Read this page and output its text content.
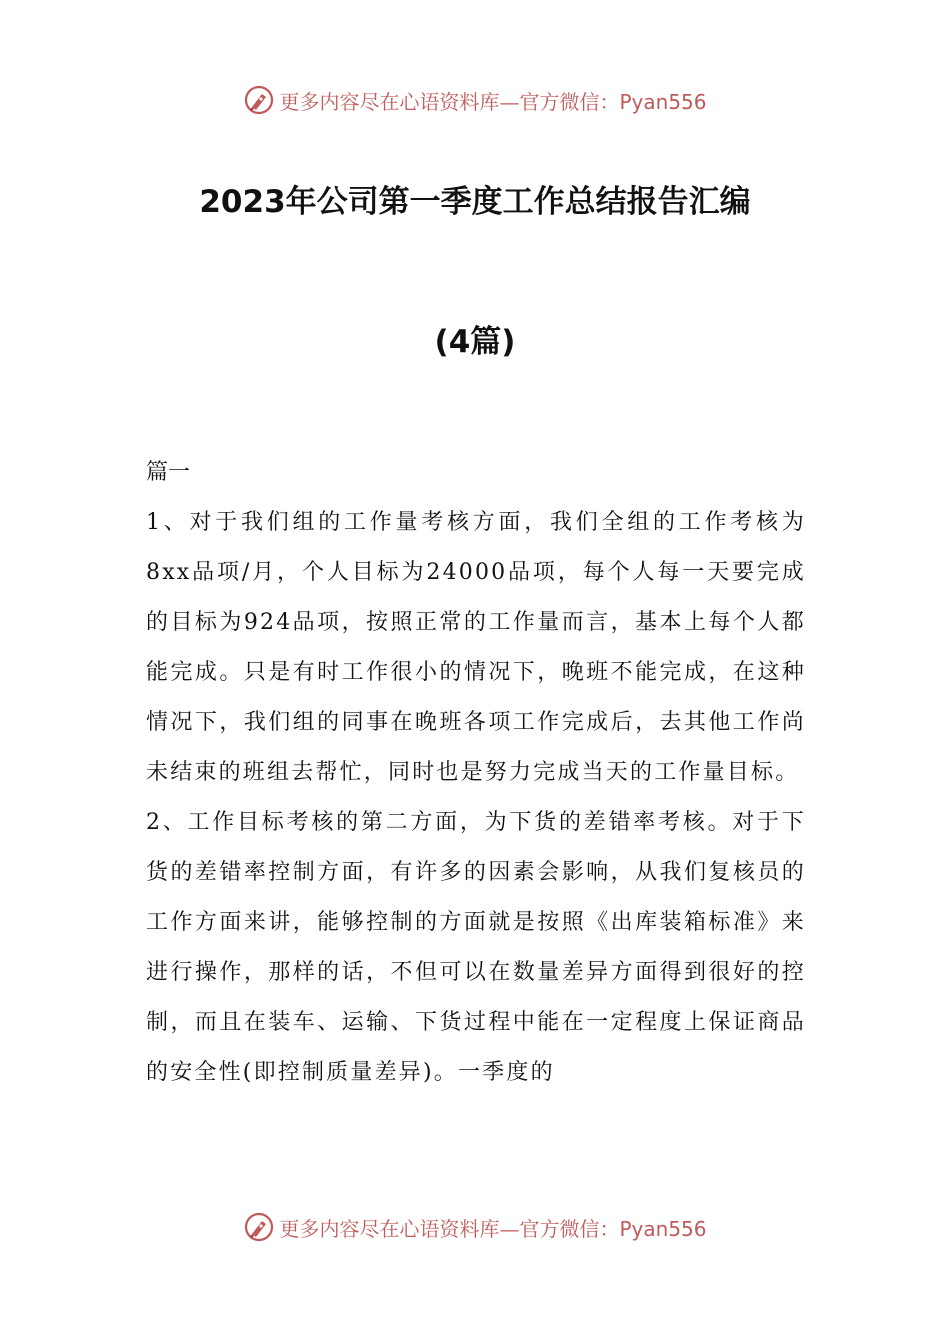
更多内容尽在心语资料库—官方微信：Pyan556
2023年公司第一季度工作总结报告汇编
(4篇)

篇一

1、对于我们组的工作量考核方面，我们全组的工作考核为8xx品项/月，个人目标为24000品项，每个人每一天要完成的目标为924品项，按照正常的工作量而言，基本上每个人都能完成。只是有时工作很小的情况下，晚班不能完成，在这种情况下，我们组的同事在晚班各项工作完成后，去其他工作尚未结束的班组去帮忙，同时也是努力完成当天的工作量目标。

2、工作目标考核的第二方面，为下货的差错率考核。对于下货的差错率控制方面，有许多的因素会影响，从我们复核员的工作方面来讲，能够控制的方面就是按照《出库装箱标准》来进行操作，那样的话，不但可以在数量差异方面得到很好的控制，而且在装车、运输、下货过程中能在一定程度上保证商品的安全性(即控制质量差异)。一季度的

更多内容尽在心语资料库—官方微信：Pyan556
